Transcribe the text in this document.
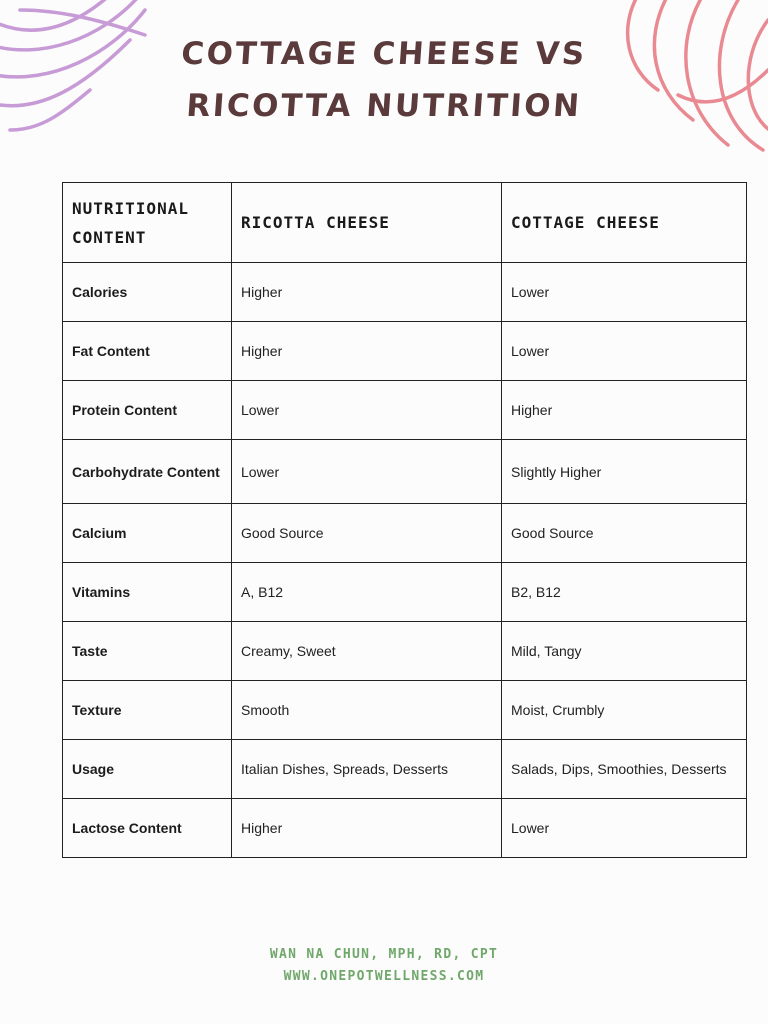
COTTAGE CHEESE VS
RICOTTA NUTRITION
NUTRITIONAL CONTENT	RICOTTA CHEESE	COTTAGE CHEESE
Calories	Higher	Lower
Fat Content	Higher	Lower
Protein Content	Lower	Higher
Carbohydrate Content	Lower	Slightly Higher
Calcium	Good Source	Good Source
Vitamins	A, B12	B2, B12
Taste	Creamy, Sweet	Mild, Tangy
Texture	Smooth	Moist, Crumbly
Usage	Italian Dishes, Spreads, Desserts	Salads, Dips, Smoothies, Desserts
Lactose Content	Higher	Lower
WAN NA CHUN, MPH, RD, CPT
WWW.ONEPOTWELLNESS.COM
